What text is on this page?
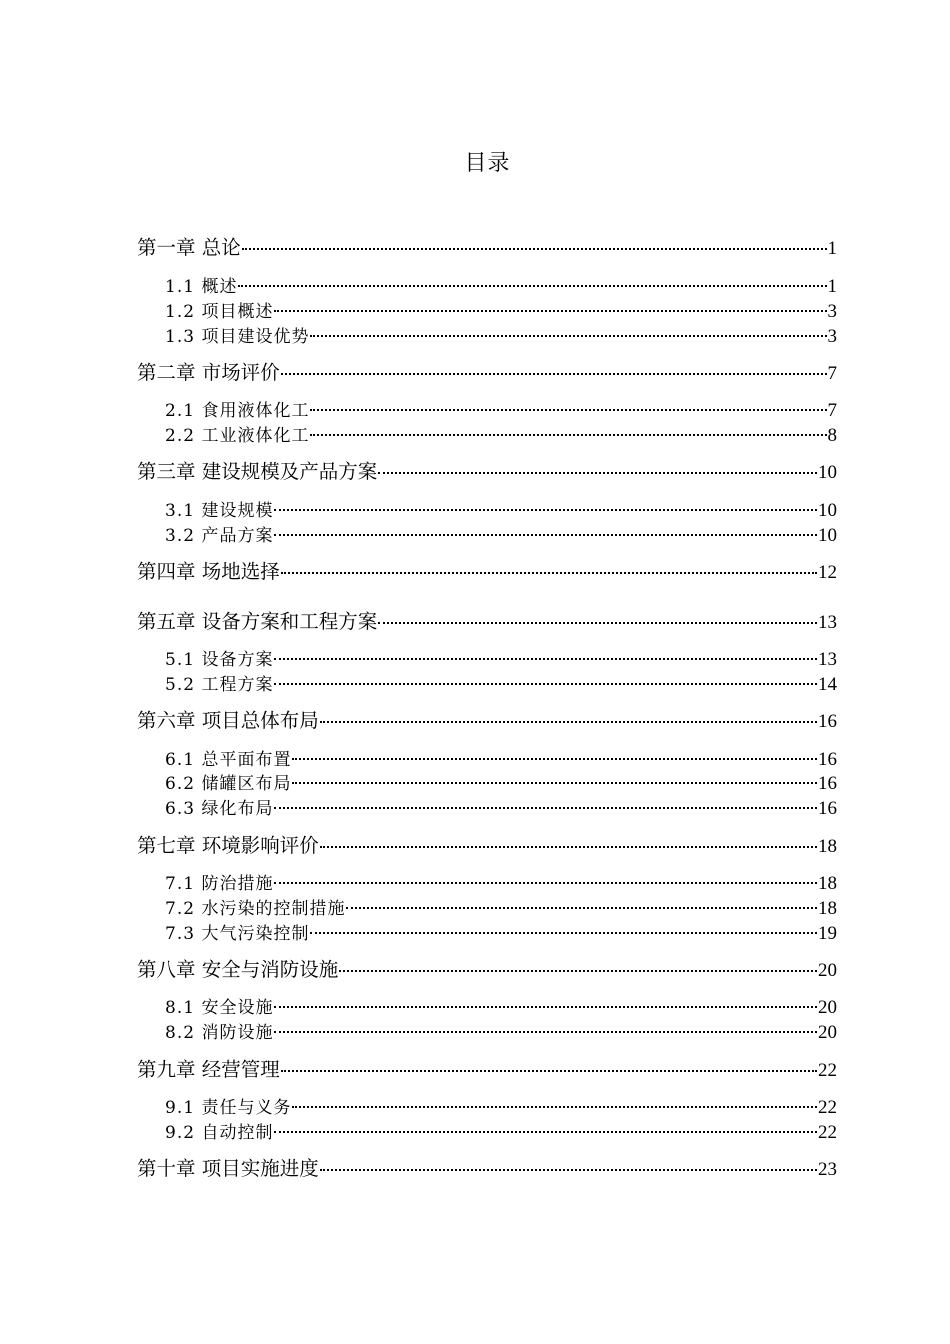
目录
第一章 总论	1
1.1 概述	1
1.2 项目概述	3
1.3 项目建设优势	3
第二章 市场评价	7
2.1 食用液体化工	7
2.2 工业液体化工	8
第三章 建设规模及产品方案	10
3.1 建设规模	10
3.2 产品方案	10
第四章 场地选择	12
第五章 设备方案和工程方案	13
5.1 设备方案	13
5.2 工程方案	14
第六章 项目总体布局	16
6.1 总平面布置	16
6.2 储罐区布局	16
6.3 绿化布局	16
第七章 环境影响评价	18
7.1 防治措施	18
7.2 水污染的控制措施	18
7.3 大气污染控制	19
第八章 安全与消防设施	20
8.1 安全设施	20
8.2 消防设施	20
第九章 经营管理	22
9.1 责任与义务	22
9.2 自动控制	22
第十章 项目实施进度	23
